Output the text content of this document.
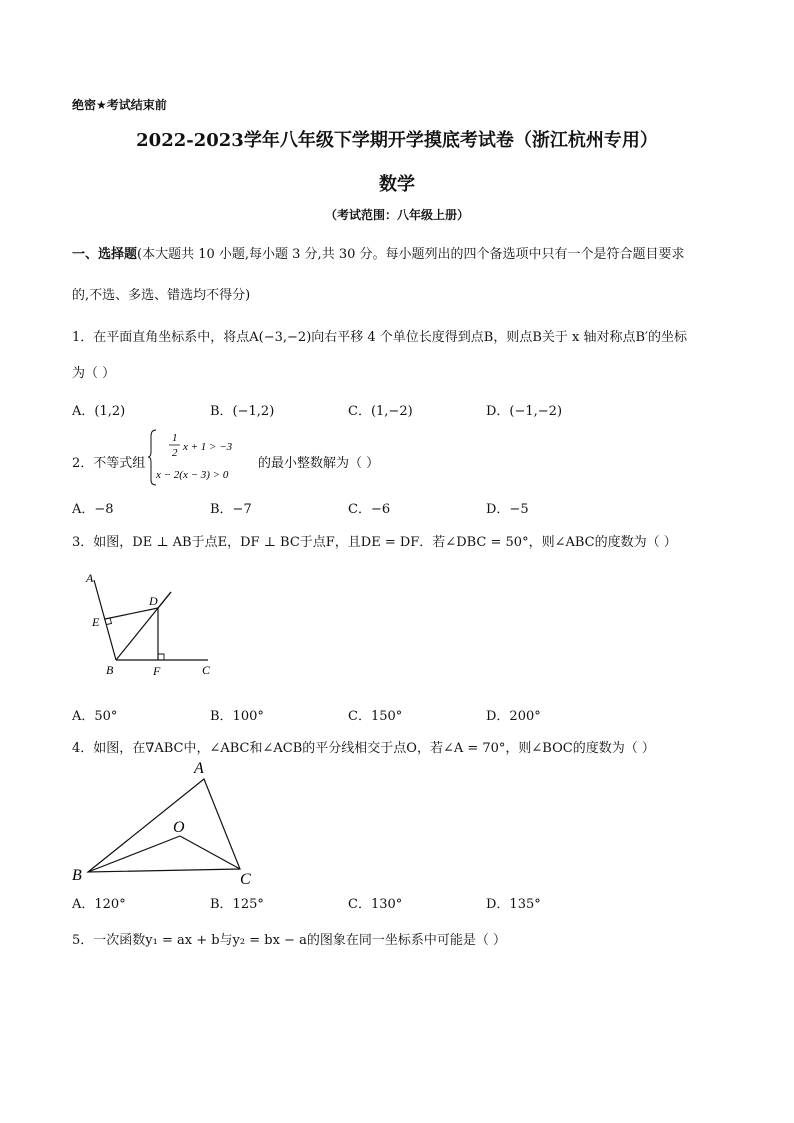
绝密★考试结束前
2022-2023学年八年级下学期开学摸底考试卷（浙江杭州专用）
数学
（考试范围：八年级上册）
一、选择题(本大题共 10 小题,每小题 3 分,共 30 分。每小题列出的四个备选项中只有一个是符合题目要求
的,不选、多选、错选均不得分)
1．在平面直角坐标系中，将点A(−3,−2)向右平移 4 个单位长度得到点B，则点B关于 x 轴对称点B′的坐标
为（ ）
A．(1,2)	B．(−1,2)	C．(1,−2)	D．(−1,−2)
2．不等式组
1
2 x + 1 > −3
x − 2(x − 3) > 0
的最小整数解为（ ）
A．−8	B．−7	C．−6	D．−5
3．如图，DE ⊥ AB于点E，DF ⊥ BC于点F，且DE = DF．若∠DBC = 50°，则∠ABC的度数为（ ）
A
D
E
B	F	C
A．50°	B．100°	C．150°	D．200°
4．如图，在∇ABC中，∠ABC和∠ACB的平分线相交于点O，若∠A = 70°，则∠BOC的度数为（ ）
A
O
B	C
A．120°	B．125°	C．130°	D．135°
5．一次函数y₁ = ax + b与y₂ = bx − a的图象在同一坐标系中可能是（ ）
